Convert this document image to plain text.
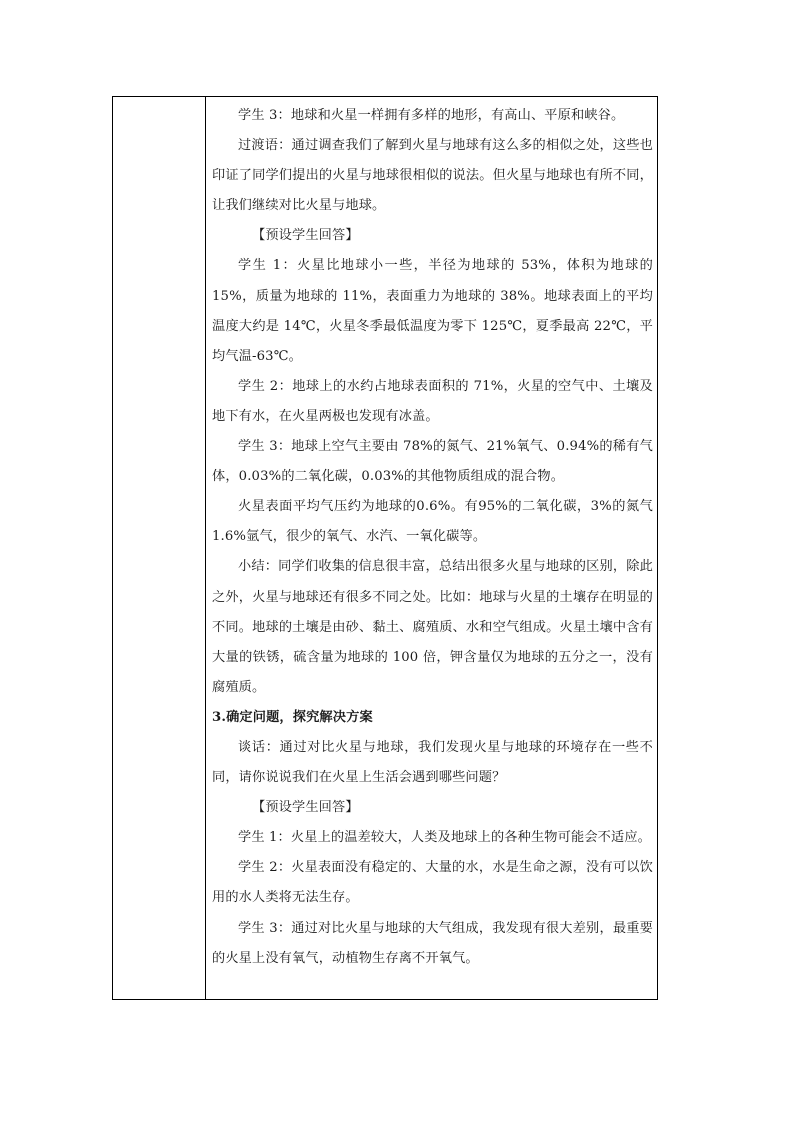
学生 3：地球和火星一样拥有多样的地形，有高山、平原和峡谷。

过渡语：通过调查我们了解到火星与地球有这么多的相似之处，这些也印证了同学们提出的火星与地球很相似的说法。但火星与地球也有所不同，让我们继续对比火星与地球。

【预设学生回答】

学生 1：火星比地球小一些，半径为地球的 53%，体积为地球的 15%，质量为地球的 11%，表面重力为地球的 38%。地球表面上的平均温度大约是 14℃，火星冬季最低温度为零下 125℃，夏季最高 22℃，平均气温-63℃。

学生 2：地球上的水约占地球表面积的 71%，火星的空气中、土壤及地下有水，在火星两极也发现有冰盖。

学生 3：地球上空气主要由 78%的氮气、21%氧气、0.94%的稀有气体，0.03%的二氧化碳，0.03%的其他物质组成的混合物。

火星表面平均气压约为地球的0.6%。有95%的二氧化碳，3%的氮气1.6%氩气，很少的氧气、水汽、一氧化碳等。

小结：同学们收集的信息很丰富，总结出很多火星与地球的区别，除此之外，火星与地球还有很多不同之处。比如：地球与火星的土壤存在明显的不同。地球的土壤是由砂、黏土、腐殖质、水和空气组成。火星土壤中含有大量的铁锈，硫含量为地球的 100 倍，钾含量仅为地球的五分之一，没有腐殖质。

3.确定问题，探究解决方案

谈话：通过对比火星与地球，我们发现火星与地球的环境存在一些不同，请你说说我们在火星上生活会遇到哪些问题？

【预设学生回答】

学生 1：火星上的温差较大，人类及地球上的各种生物可能会不适应。

学生 2：火星表面没有稳定的、大量的水，水是生命之源，没有可以饮用的水人类将无法生存。

学生 3：通过对比火星与地球的大气组成，我发现有很大差别，最重要的火星上没有氧气，动植物生存离不开氧气。
